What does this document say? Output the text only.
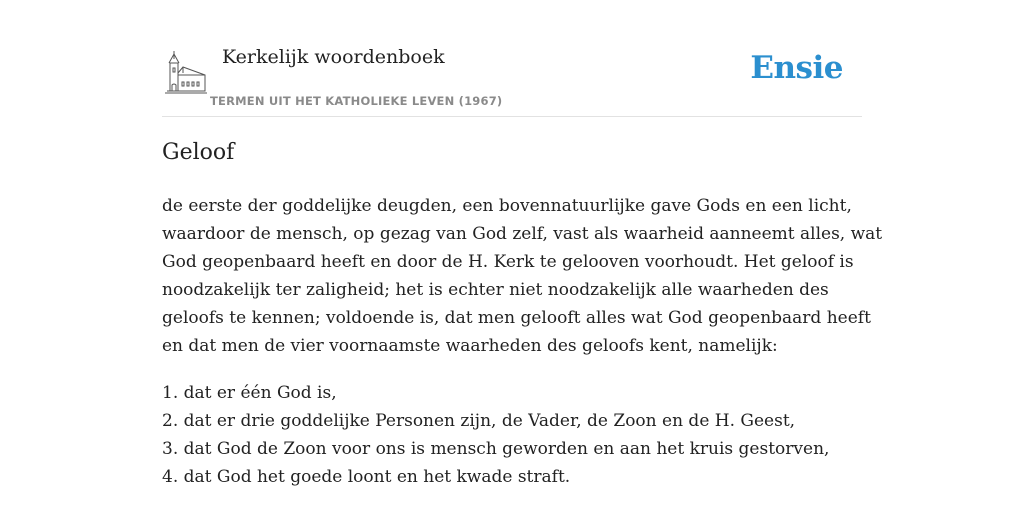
Kerkelijk woordenboek
TERMEN UIT HET KATHOLIEKE LEVEN (1967)
Ensie
Geloof

de eerste der goddelijke deugden, een bovennatuurlijke gave Gods en een licht,
waardoor de mensch, op gezag van God zelf, vast als waarheid aanneemt alles, wat
God geopenbaard heeft en door de H. Kerk te gelooven voorhoudt. Het geloof is
noodzakelijk ter zaligheid; het is echter niet noodzakelijk alle waarheden des
geloofs te kennen; voldoende is, dat men gelooft alles wat God geopenbaard heeft
en dat men de vier voornaamste waarheden des geloofs kent, namelijk:

1. dat er één God is,
2. dat er drie goddelijke Personen zijn, de Vader, de Zoon en de H. Geest,
3. dat God de Zoon voor ons is mensch geworden en aan het kruis gestorven,
4. dat God het goede loont en het kwade straft.
